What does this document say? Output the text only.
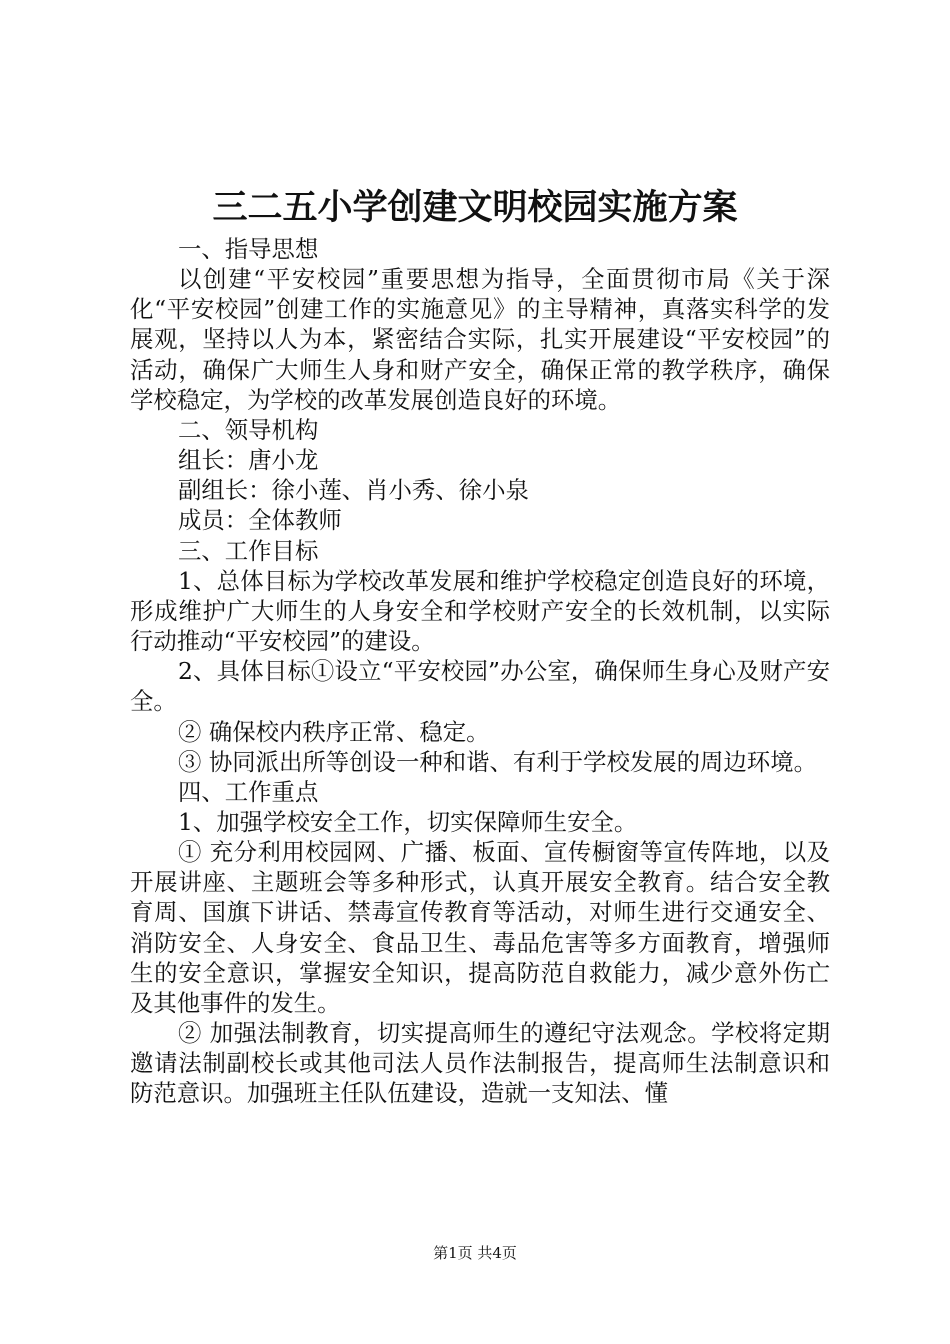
三二五小学创建文明校园实施方案

一、指导思想

以创建“平安校园”重要思想为指导，全面贯彻市局《关于深化“平安校园”创建工作的实施意见》的主导精神，真落实科学的发展观，坚持以人为本，紧密结合实际，扎实开展建设“平安校园”的活动，确保广大师生人身和财产安全，确保正常的教学秩序，确保学校稳定，为学校的改革发展创造良好的环境。

二、领导机构

组长：唐小龙

副组长：徐小莲、肖小秀、徐小泉

成员：全体教师

三、工作目标

1、总体目标为学校改革发展和维护学校稳定创造良好的环境，形成维护广大师生的人身安全和学校财产安全的长效机制，以实际行动推动“平安校园”的建设。

2、具体目标①设立“平安校园”办公室，确保师生身心及财产安全。

② 确保校内秩序正常、稳定。

③ 协同派出所等创设一种和谐、有利于学校发展的周边环境。

四、工作重点

1、加强学校安全工作，切实保障师生安全。

① 充分利用校园网、广播、板面、宣传橱窗等宣传阵地，以及开展讲座、主题班会等多种形式，认真开展安全教育。结合安全教育周、国旗下讲话、禁毒宣传教育等活动，对师生进行交通安全、消防安全、人身安全、食品卫生、毒品危害等多方面教育，增强师生的安全意识，掌握安全知识，提高防范自救能力，减少意外伤亡及其他事件的发生。

② 加强法制教育，切实提高师生的遵纪守法观念。学校将定期邀请法制副校长或其他司法人员作法制报告，提高师生法制意识和防范意识。加强班主任队伍建设，造就一支知法、懂

第1页 共4页
